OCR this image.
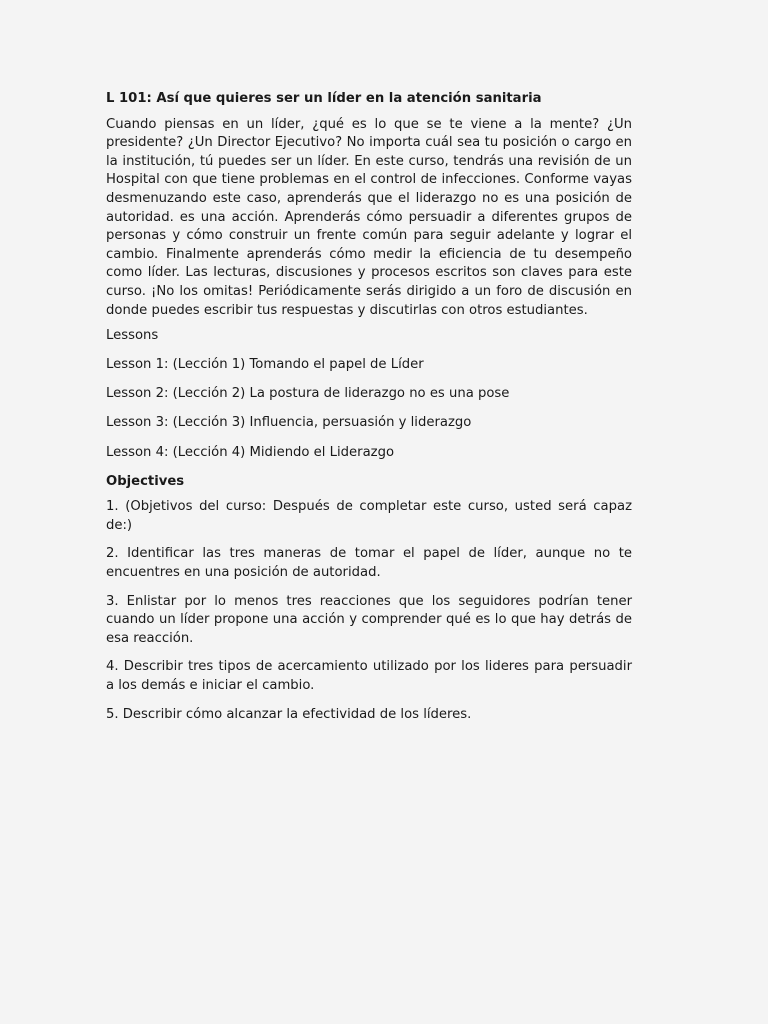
L 101: Así que quieres ser un líder en la atención sanitaria
Cuando piensas en un líder, ¿qué es lo que se te viene a la mente? ¿Un presidente? ¿Un Director Ejecutivo? No importa cuál sea tu posición o cargo en la institución, tú puedes ser un líder. En este curso, tendrás una revisión de un Hospital con que tiene problemas en el control de infecciones. Conforme vayas desmenuzando este caso, aprenderás que el liderazgo no es una posición de autoridad. es una acción. Aprenderás cómo persuadir a diferentes grupos de personas y cómo construir un frente común para seguir adelante y lograr el cambio. Finalmente aprenderás cómo medir la eficiencia de tu desempeño como líder. Las lecturas, discusiones y procesos escritos son claves para este curso. ¡No los omitas! Periódicamente serás dirigido a un foro de discusión en donde puedes escribir tus respuestas y discutirlas con otros estudiantes.

Lessons

Lesson 1: (Lección 1) Tomando el papel de Líder

Lesson 2: (Lección 2) La postura de liderazgo no es una pose

Lesson 3: (Lección 3) Influencia, persuasión y liderazgo

Lesson 4: (Lección 4) Midiendo el Liderazgo

Objectives
1. (Objetivos del curso: Después de completar este curso, usted será capaz de:)
2. Identificar las tres maneras de tomar el papel de líder, aunque no te encuentres en una posición de autoridad.
3. Enlistar por lo menos tres reacciones que los seguidores podrían tener cuando un líder propone una acción y comprender qué es lo que hay detrás de esa reacción.
4. Describir tres tipos de acercamiento utilizado por los lideres para persuadir a los demás e iniciar el cambio.
5. Describir cómo alcanzar la efectividad de los líderes.
